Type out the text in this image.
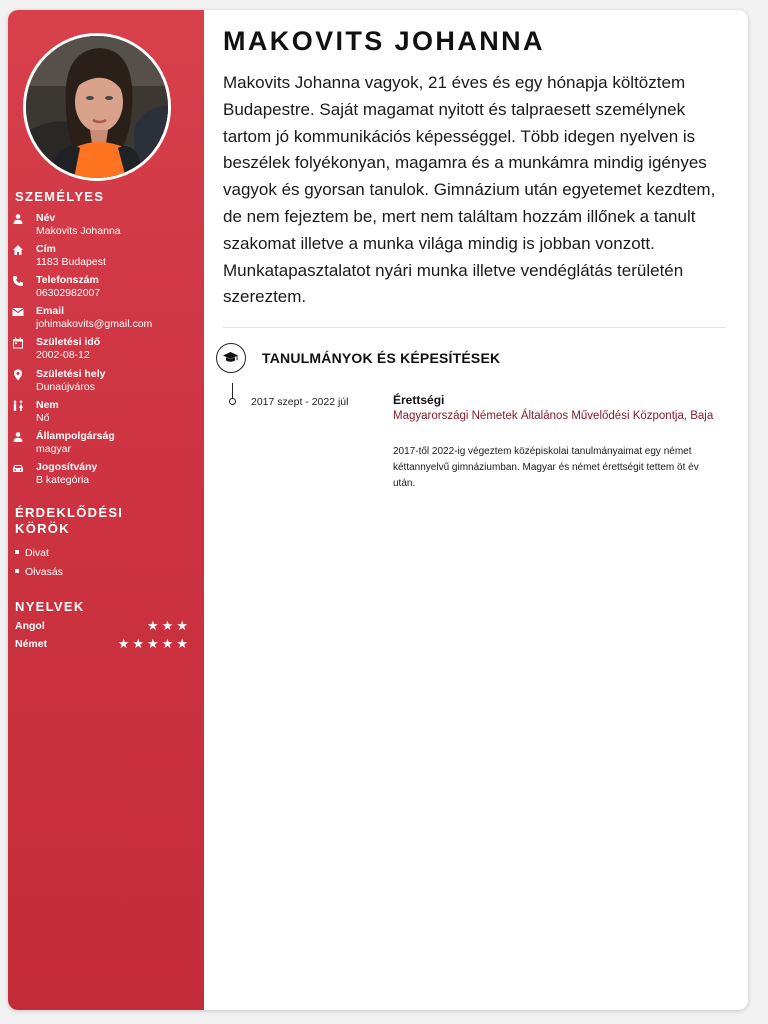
SZEMÉLYES
Név
Makovits Johanna
Cím
1183 Budapest
Telefonszám
06302982007
Email
johimakovits@gmail.com
Születési idő
2002-08-12
Születési hely
Dunaújváros
Nem
Nő
Állampolgárság
magyar
Jogosítvány
B kategória
ÉRDEKLŐDÉSI
KÖRÖK
Divat
Olvasás
NYELVEK
Angol	★★★
Német	★★★★★
MAKOVITS JOHANNA
Makovits Johanna vagyok, 21 éves és egy hónapja költöztem Budapestre. Saját magamat nyitott és talpraesett személynek tartom jó kommunikációs képességgel. Több idegen nyelven is beszélek folyékonyan, magamra és a munkámra mindig igényes vagyok és gyorsan tanulok. Gimnázium után egyetemet kezdtem, de nem fejeztem be, mert nem találtam hozzám illőnek a tanult szakomat illetve a munka világa mindig is jobban vonzott. Munkatapasztalatot nyári munka illetve vendéglátás területén szereztem.
TANULMÁNYOK ÉS KÉPESÍTÉSEK
2017 szept - 2022 júl	Érettségi
Magyarországi Németek Általános Művelődési Központja, Baja
2017-től 2022-ig végeztem középiskolai tanulmányaimat egy német kéttannyelvű gimnáziumban. Magyar és német érettségit tettem öt év után.
